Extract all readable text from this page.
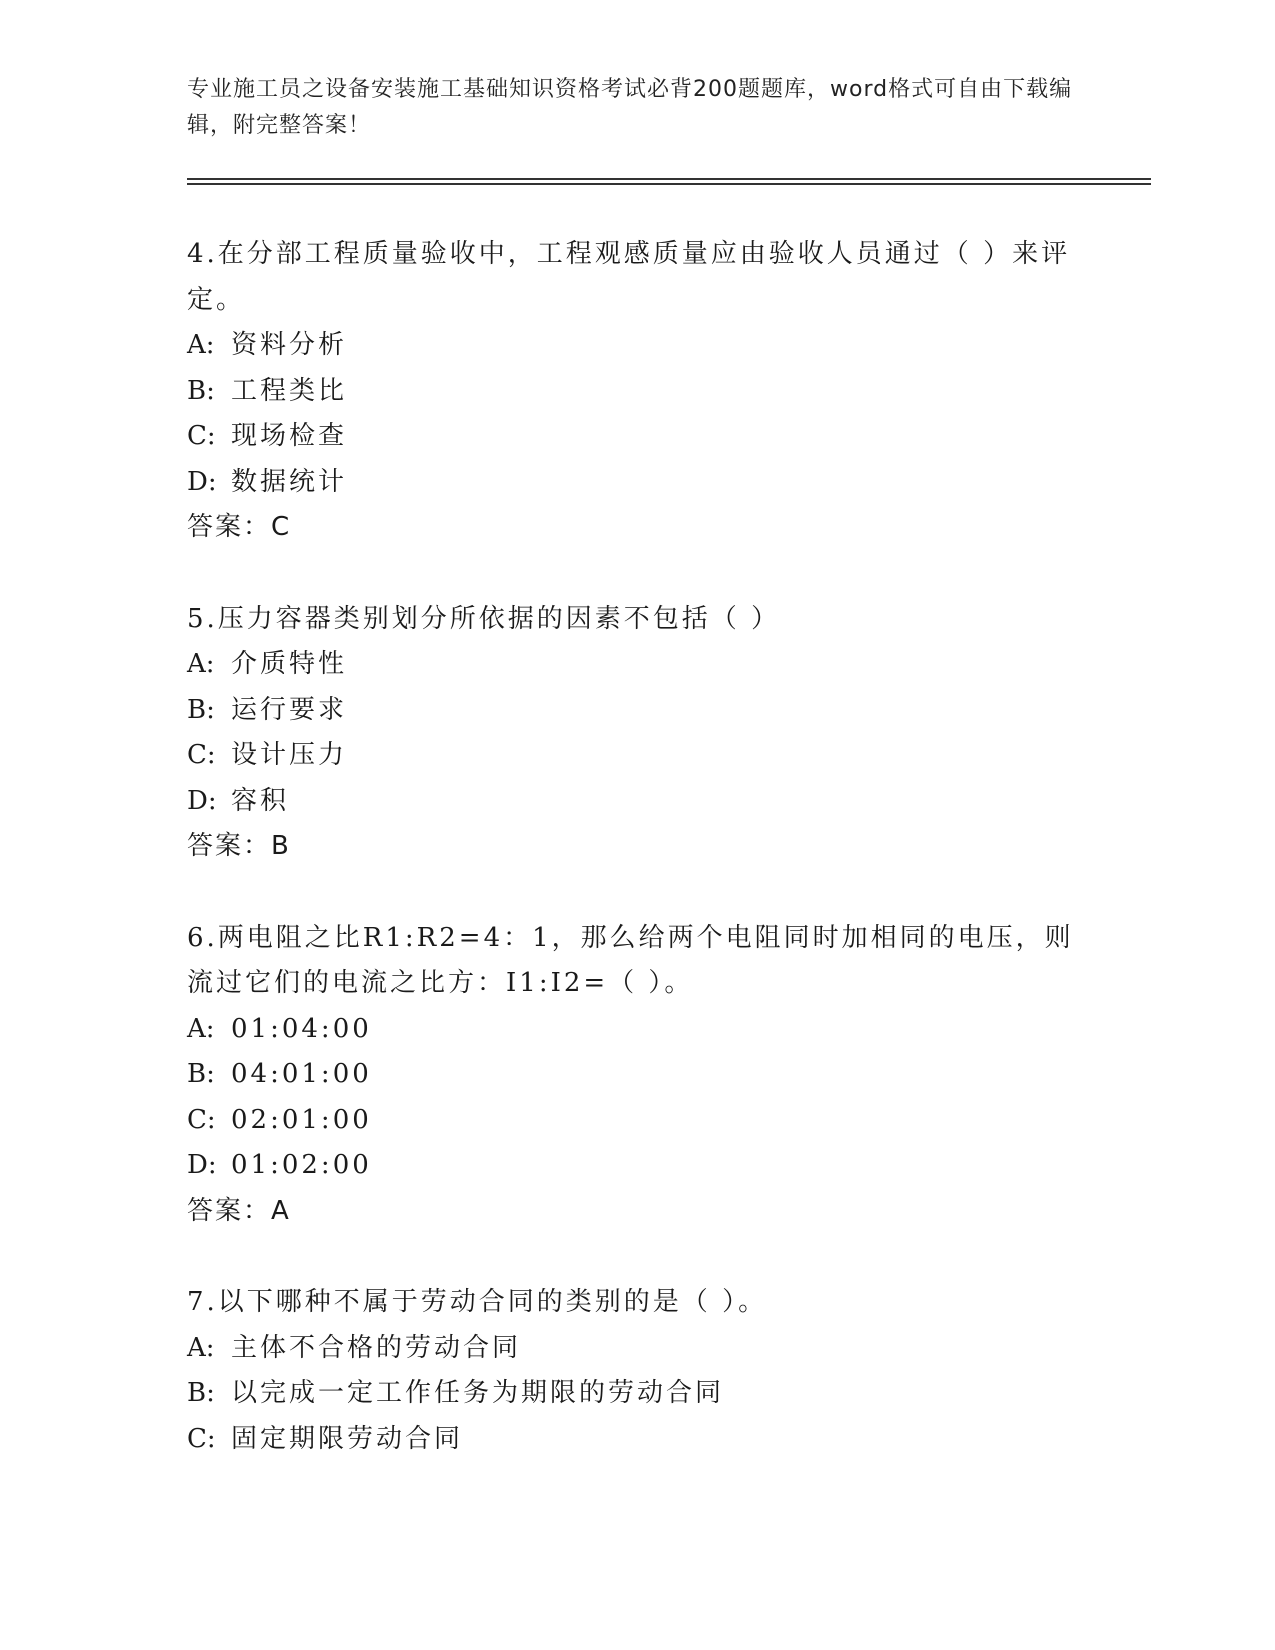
专业施工员之设备安装施工基础知识资格考试必背200题题库，word格式可自由下载编辑，附完整答案！

4.在分部工程质量验收中，工程观感质量应由验收人员通过（ ）来评定。

A: 资料分析

B: 工程类比

C: 现场检查

D: 数据统计

答案：C

5.压力容器类别划分所依据的因素不包括（ ）

A: 介质特性

B: 运行要求

C: 设计压力

D: 容积

答案：B

6.两电阻之比R1:R2=4：1，那么给两个电阻同时加相同的电压，则流过它们的电流之比方：I1:I2=（ ）。

A: 01:04:00

B: 04:01:00

C: 02:01:00

D: 01:02:00

答案：A

7.以下哪种不属于劳动合同的类别的是（ ）。

A: 主体不合格的劳动合同

B: 以完成一定工作任务为期限的劳动合同

C: 固定期限劳动合同
